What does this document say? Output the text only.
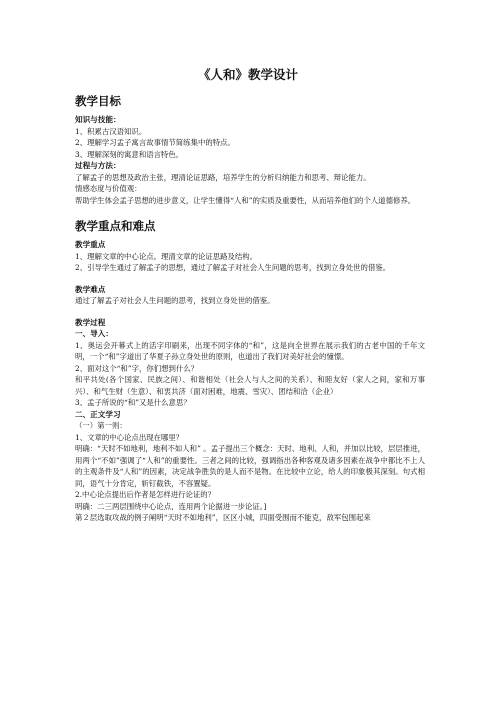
《人和》教学设计
教学目标
知识与技能：
1、积累古汉语知识。
2、理解学习孟子寓言故事情节简练集中的特点。
3、理解深刻的寓意和语言特色。
过程与方法：
了解孟子的思想及政治主张，理清论证思路，培养学生的分析归纳能力和思考、辩论能力。
情感态度与价值观：
帮助学生体会孟子思想的进步意义，让学生懂得“人和”的实质及重要性，从而培养他们的个人道德修养。
教学重点和难点
教学重点
1、理解文章的中心论点。理清文章的论证思路及结构。
2、引导学生通过了解孟子的思想，通过了解孟子对社会人生问题的思考，找到立身处世的借鉴。
教学难点
通过了解孟子对社会人生问题的思考，找到立身处世的借鉴。
教学过程
一、导入：
1、奥运会开幕式上的活字印刷来，出现不同字体的“和”，这是向全世界在展示我们的古老中国的千年文明，一个“和”字道出了华夏子孙立身处世的原则，也道出了我们对美好社会的憧憬。
2、面对这个“和”字，你们想到什么？
和平共处(各个国家、民族之间）、和谐相处（社会人与人之间的关系）、和睦友好（家人之间，家和万事兴）、和气生财（生意）、和衷共济（面对困难，地震、雪灾）、团结和洽（企业）
3、孟子所说的“和”又是什么意思？
二、正文学习
（一）第一则：
1、文章的中心论点出现在哪里？
明确：“天时不如地利，地利不如人和” 。孟子提出三个概念：天时、地利、人和，并加以比较，层层推进，用两个“不如”强调了“人和”的重要性。三者之间的比较，强调指出各种客观及诸多因素在战争中都比不上人的主观条件及“人和”的因素，决定战争胜负的是人而不是物。在比较中立论，给人的印象极其深刻。句式相同，语气十分肯定，斩钉截铁，不容置疑。
2.中心论点提出后作者是怎样进行论证的？
明确：二三两层围绕中心论点，连用两个论据进一步论证。]
第２层选取攻战的例子阐明“天时不如地利”，区区小城，四面受围而不能克，敌军包围起来
